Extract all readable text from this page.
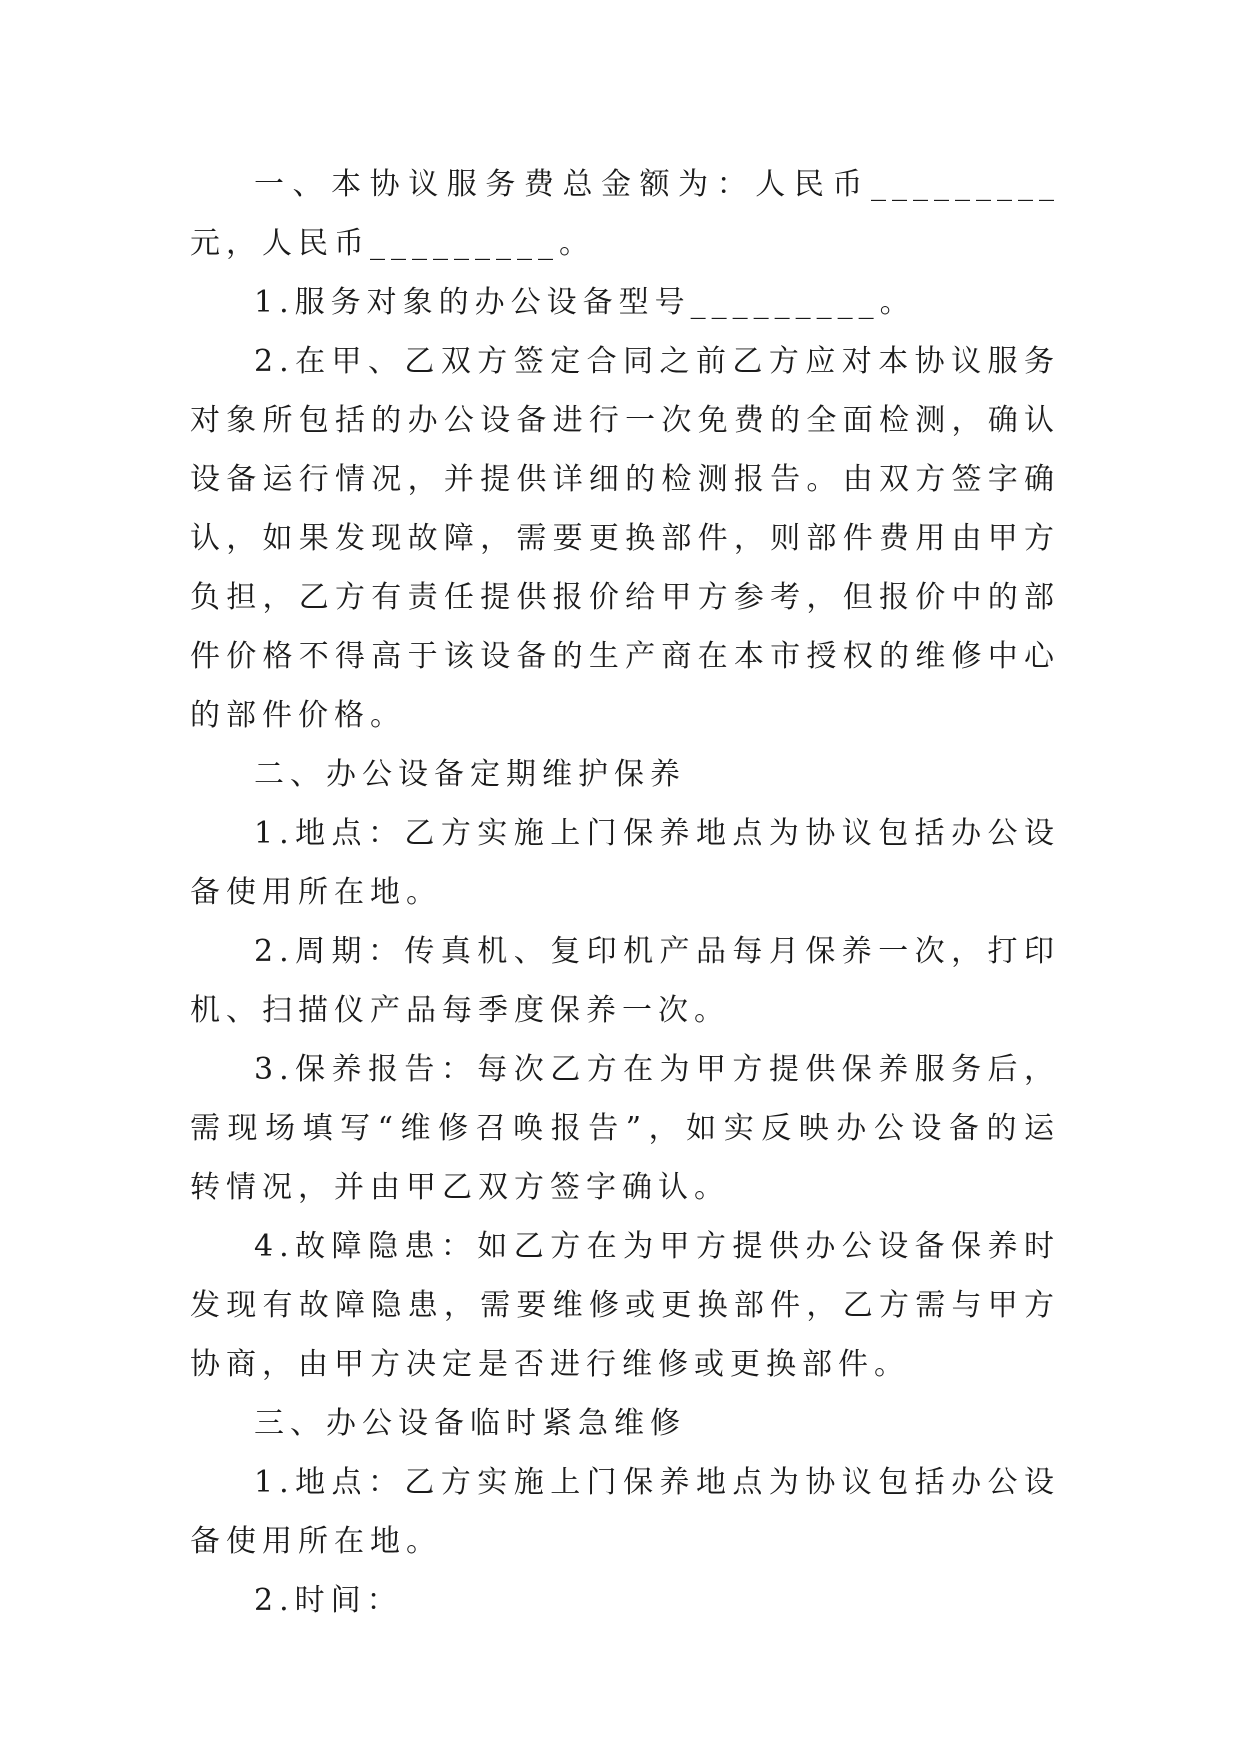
一、本协议服务费总金额为：人民币_________元，人民币_________。

1.服务对象的办公设备型号_________。

2.在甲、乙双方签定合同之前乙方应对本协议服务对象所包括的办公设备进行一次免费的全面检测，确认设备运行情况，并提供详细的检测报告。由双方签字确认，如果发现故障，需要更换部件，则部件费用由甲方负担，乙方有责任提供报价给甲方参考，但报价中的部件价格不得高于该设备的生产商在本市授权的维修中心的部件价格。

二、办公设备定期维护保养

1.地点：乙方实施上门保养地点为协议包括办公设备使用所在地。

2.周期：传真机、复印机产品每月保养一次，打印机、扫描仪产品每季度保养一次。

3.保养报告：每次乙方在为甲方提供保养服务后，需现场填写“维修召唤报告”，如实反映办公设备的运转情况，并由甲乙双方签字确认。

4.故障隐患：如乙方在为甲方提供办公设备保养时发现有故障隐患，需要维修或更换部件，乙方需与甲方协商，由甲方决定是否进行维修或更换部件。

三、办公设备临时紧急维修

1.地点：乙方实施上门保养地点为协议包括办公设备使用所在地。

2.时间：
